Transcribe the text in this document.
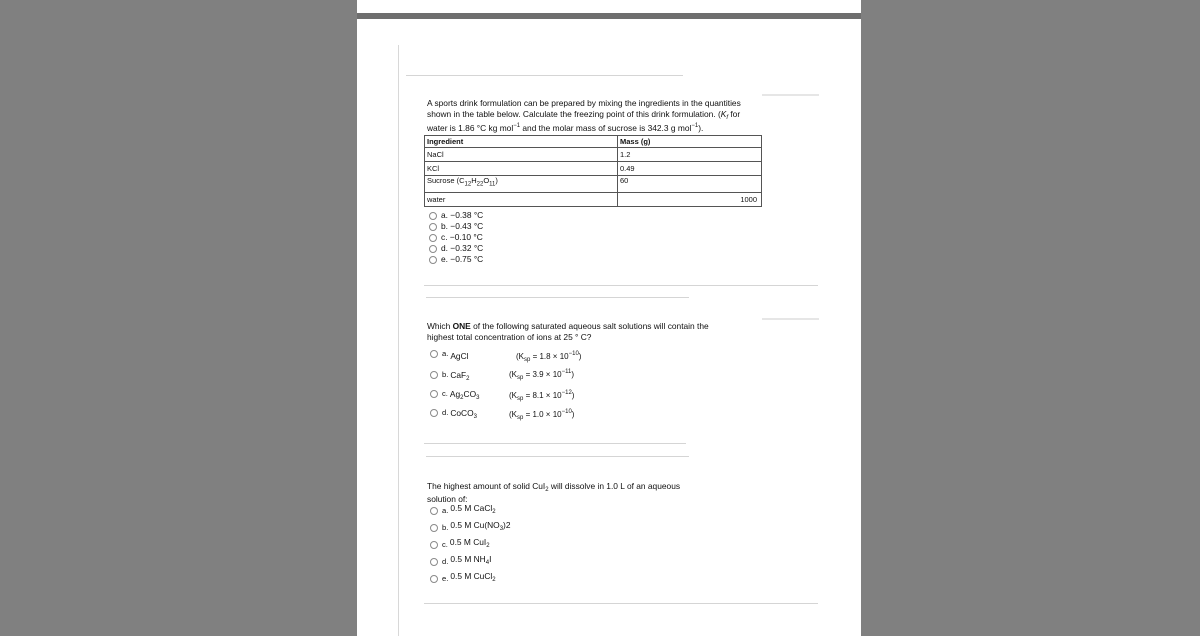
A sports drink formulation can be prepared by mixing the ingredients in the quantities
shown in the table below. Calculate the freezing point of this drink formulation. ($K_f$ for
water is 1.86 °C kg mol$^{-1}$ and the molar mass of sucrose is 342.3 g mol$^{-1}$).
Ingredient	Mass (g)
NaCl	1.2
KCl	0.49
Sucrose $(C_{12}H_{22}O_{11})$	60
water	1000
a. −0.38 °C
b. −0.43 °C
c. −0.10 °C
d. −0.32 °C
e. −0.75 °C
Which ONE of the following saturated aqueous salt solutions will contain the
highest total concentration of ions at 25 ° C?
a. AgCl	$(K_{sp} = 1.8 \times 10^{-10})$
b. CaF$_2$	$(K_{sp} = 3.9 \times 10^{-11})$
c. $Ag_2CO_3$	$(K_{sp} = 8.1 \times 10^{-12})$
d. CoCO$_3$	$(K_{sp} = 1.0 \times 10^{-10})$
The highest amount of solid CuI$_2$ will dissolve in 1.0 L of an aqueous
solution of:
a. 0.5 M CaCl$_2$
b. 0.5 M $Cu(NO_3)2$
c. 0.5 M CuI$_2$
d. 0.5 M $NH_4I$
e. 0.5 M CuCl$_2$
